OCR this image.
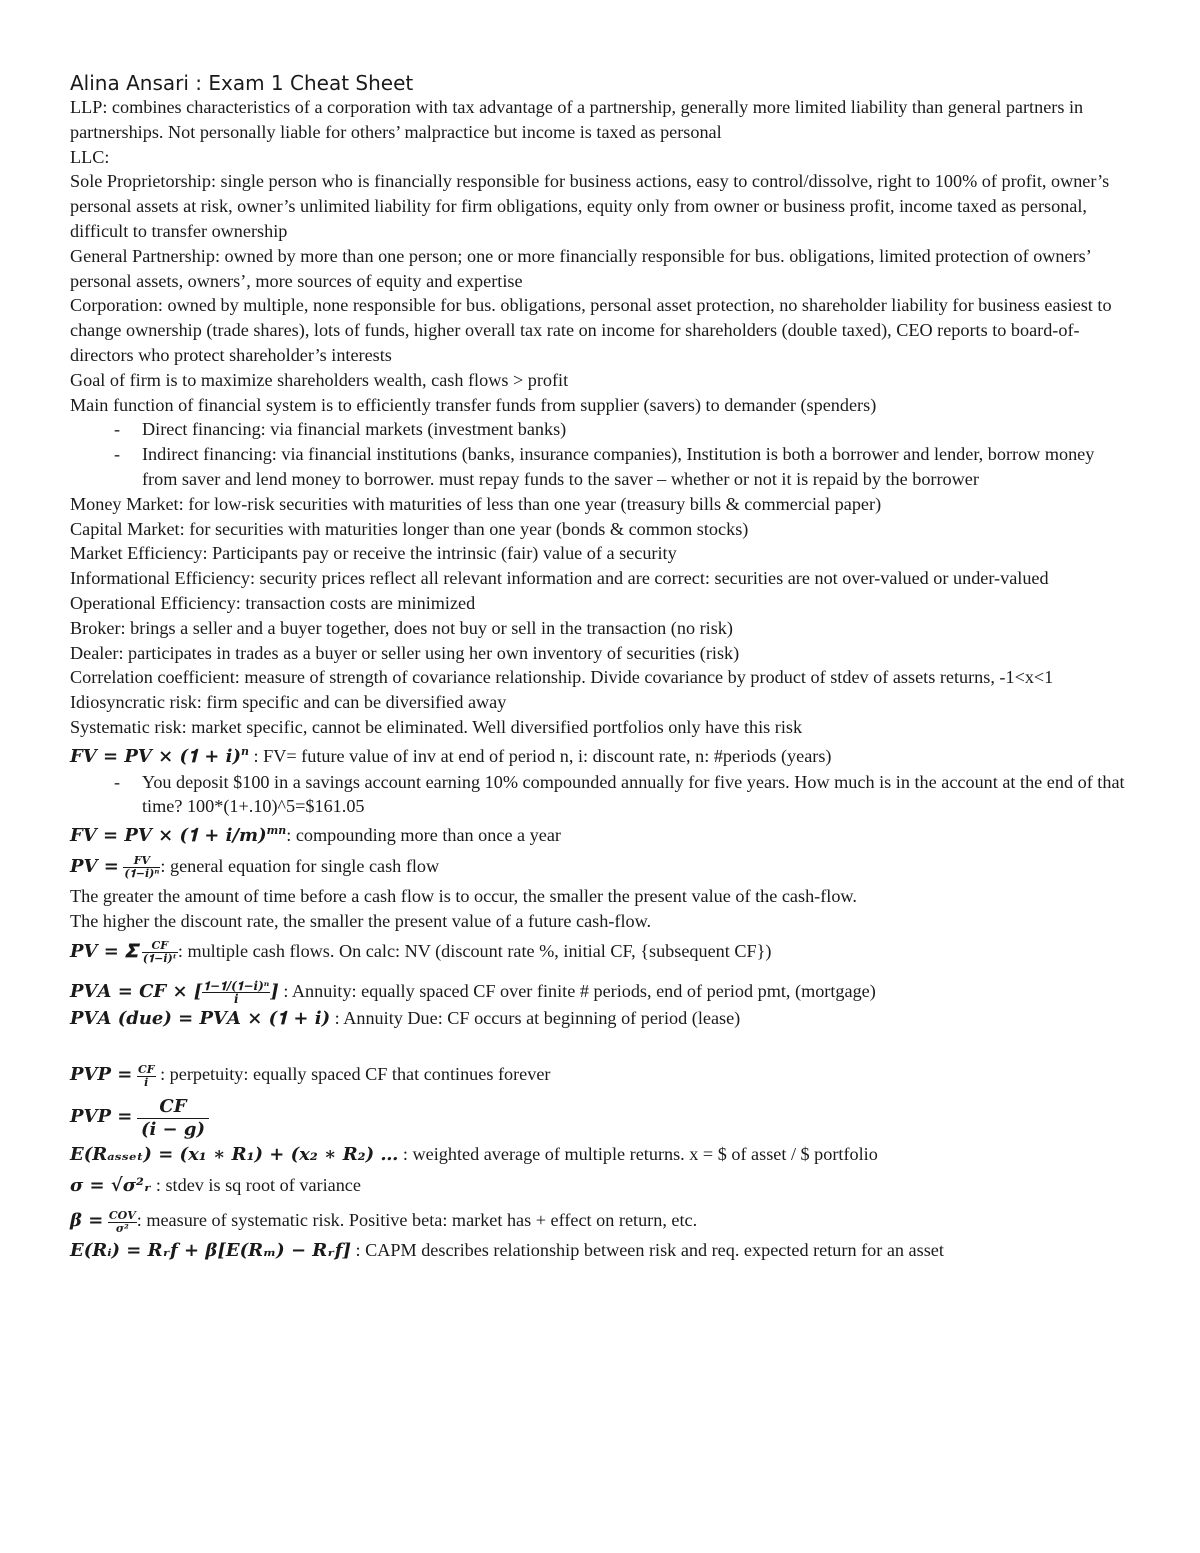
Alina Ansari : Exam 1 Cheat Sheet

LLP: combines characteristics of a corporation with tax advantage of a partnership, generally more limited liability than general partners in partnerships. Not personally liable for others’ malpractice but income is taxed as personal

LLC:

Sole Proprietorship: single person who is financially responsible for business actions, easy to control/dissolve, right to 100% of profit, owner’s personal assets at risk, owner’s unlimited liability for firm obligations, equity only from owner or business profit, income taxed as personal, difficult to transfer ownership

General Partnership: owned by more than one person; one or more financially responsible for bus. obligations, limited protection of owners’ personal assets, owners’, more sources of equity and expertise

Corporation: owned by multiple, none responsible for bus. obligations, personal asset protection, no shareholder liability for business easiest to change ownership (trade shares), lots of funds, higher overall tax rate on income for shareholders (double taxed), CEO reports to board-of-directors who protect shareholder’s interests

Goal of firm is to maximize shareholders wealth, cash flows > profit

Main function of financial system is to efficiently transfer funds from supplier (savers) to demander (spenders)

- Direct financing: via financial markets (investment banks)
- Indirect financing: via financial institutions (banks, insurance companies), Institution is both a borrower and lender, borrow money from saver and lend money to borrower. must repay funds to the saver – whether or not it is repaid by the borrower

Money Market: for low-risk securities with maturities of less than one year (treasury bills & commercial paper)

Capital Market: for securities with maturities longer than one year (bonds & common stocks)

Market Efficiency: Participants pay or receive the intrinsic (fair) value of a security

Informational Efficiency: security prices reflect all relevant information and are correct: securities are not over-valued or under-valued

Operational Efficiency: transaction costs are minimized

Broker: brings a seller and a buyer together, does not buy or sell in the transaction (no risk)

Dealer: participates in trades as a buyer or seller using her own inventory of securities (risk)

Correlation coefficient: measure of strength of covariance relationship. Divide covariance by product of stdev of assets returns, -1<x<1

Idiosyncratic risk: firm specific and can be diversified away

Systematic risk: market specific, cannot be eliminated. Well diversified portfolios only have this risk

𝑭𝑽 = 𝑷𝑽 × (𝟏 + 𝒊)$^𝒏$ : FV= future value of inv at end of period n, i: discount rate, n: #periods (years)

- You deposit $100 in a savings account earning 10% compounded annually for five years. How much is in the account at the end of that time? 100*(1+.10)^5=$161.05

𝑭𝑽 = 𝑷𝑽 × (𝟏 + 𝒊/𝒎)$^{𝒎𝒏}$: compounding more than once a year

𝑷𝑽 = $\frac{\text{𝑭𝑽}}{\text{(𝟏−𝒊)ⁿ}}$ : general equation for single cash flow

The greater the amount of time before a cash flow is to occur, the smaller the present value of the cash-flow.

The higher the discount rate, the smaller the present value of a future cash-flow.

𝑷𝑽 = 𝚺 $\frac{\text{𝑪𝑭}}{\text{(𝟏−𝒊)ᵗ}}$ : multiple cash flows. On calc: NV (discount rate %, initial CF, {subsequent CF})

𝑷𝑽𝑨 = 𝑪𝑭 × [ $\frac{\text{𝟏−𝟏/(𝟏−𝒊)ⁿ}}{\text{𝒊}}$ ] : Annuity: equally spaced CF over finite # periods, end of period pmt, (mortgage)

𝑷𝑽𝑨 (𝒅𝒖𝒆) = 𝑷𝑽𝑨 × (𝟏 + 𝒊) : Annuity Due: CF occurs at beginning of period (lease)

𝑷𝑽𝑷 = $\frac{\text{𝑪𝑭}}{\text{𝒊}}$ : perpetuity: equally spaced CF that continues forever

𝑷𝑽𝑷 = $\frac{\text{𝑪𝑭}}{\text{(𝒊 − 𝒈)}}$

𝑬(𝑹ₐₛₛₑₜ) = (𝒙₁ ∗ 𝑹₁) + (𝒙₂ ∗ 𝑹₂) … : weighted average of multiple returns. x = $ of asset / $ portfolio

𝝈 = √𝝈²ᵣ : stdev is sq root of variance

𝜷 = $\frac{\text{𝑪𝑶𝑽}}{\text{𝝈²}}$ : measure of systematic risk. Positive beta: market has + effect on return, etc.

𝑬(𝑹ᵢ) = 𝑹ᵣ𝒇 + 𝜷[𝑬(𝑹ₘ) − 𝑹ᵣ𝒇] : CAPM describes relationship between risk and req. expected return for an asset
